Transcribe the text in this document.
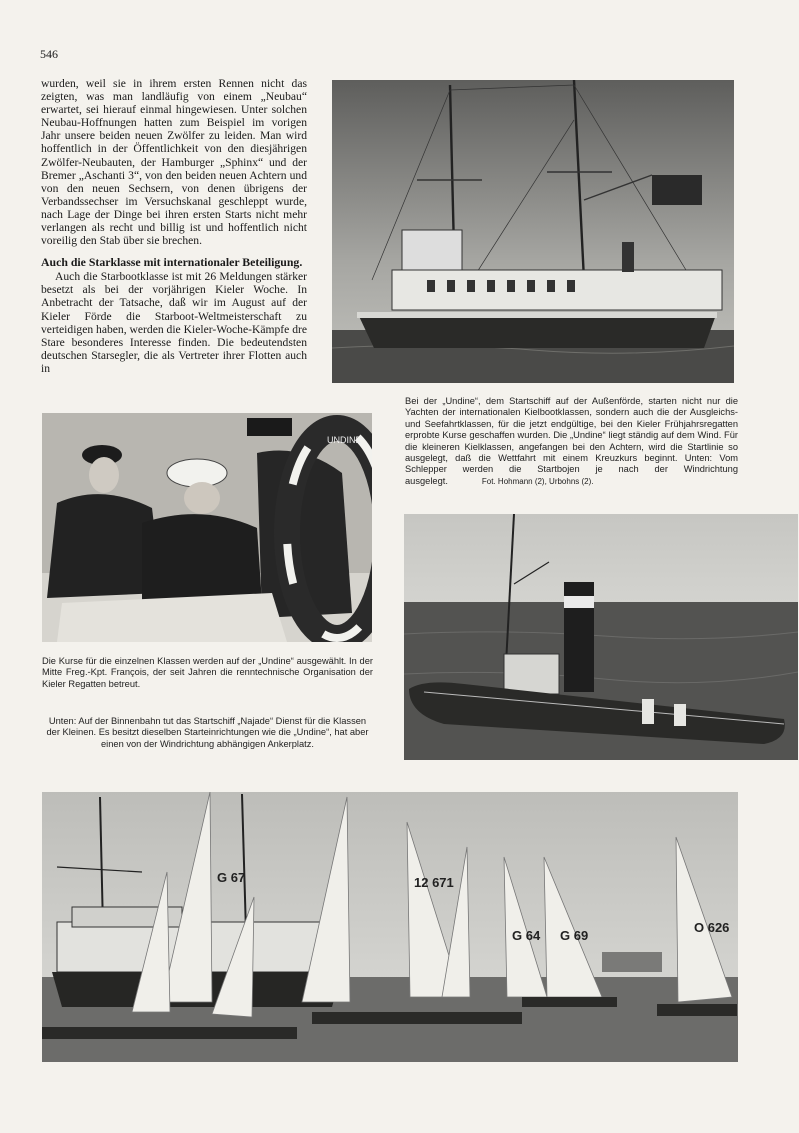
546

wurden, weil sie in ihrem ersten Rennen nicht das zeigten, was man landläufig von einem „Neubau“ erwartet, sei hierauf einmal hingewiesen. Unter solchen Neubau-Hoffnungen hatten zum Beispiel im vorigen Jahr unsere beiden neuen Zwölfer zu leiden. Man wird hoffentlich in der Öffentlichkeit von den diesjährigen Zwölfer-Neubauten, der Hamburger „Sphinx“ und der Bremer „Aschanti 3“, von den beiden neuen Achtern und von den neuen Sechsern, von denen übrigens der Verbandssechser im Versuchskanal geschleppt wurde, nach Lage der Dinge bei ihren ersten Starts nicht mehr verlangen als recht und billig ist und hoffentlich nicht voreilig den Stab über sie brechen.

Auch die Starklasse mit internationaler Beteiligung.

Auch die Starbootklasse ist mit 26 Meldungen stärker besetzt als bei der vorjährigen Kieler Woche. In Anbetracht der Tatsache, daß wir im August auf der Kieler Förde die Starboot-Weltmeisterschaft zu verteidigen haben, werden die Kieler-Woche-Kämpfe dre Stare besonderes Interesse finden. Die bedeutendsten deutschen Starsegler, die als Vertreter ihrer Flotten auch in

Bei der „Undine“, dem Startschiff auf der Außenförde, starten nicht nur die Yachten der internationalen Kielbootklassen, sondern auch die der Ausgleichs- und Seefahrtklassen, für die jetzt endgültige, bei den Kieler Frühjahrsregatten erprobte Kurse geschaffen wurden. Die „Undine“ liegt ständig auf dem Wind. Für die kleineren Kielklassen, angefangen bei den Achtern, wird die Startlinie so ausgelegt, daß die Wettfahrt mit einem Kreuzkurs beginnt. Unten: Vom Schlepper werden die Startbojen je nach der Windrichtung ausgelegt.	Fot. Hohmann (2), Urbohns (2).
UNDINE
Die Kurse für die einzelnen Klassen werden auf der „Undine“ ausgewählt. In der Mitte Freg.-Kpt. François, der seit Jahren die renntechnische Organisation der Kieler Regatten betreut.
Unten: Auf der Binnenbahn tut das Startschiff „Najade“ Dienst für die Klassen der Kleinen. Es besitzt dieselben Starteinrichtungen wie die „Undine“, hat aber einen von der Windrichtung abhängigen Ankerplatz.
G 67	12 671
G 64 G 69
O 626
